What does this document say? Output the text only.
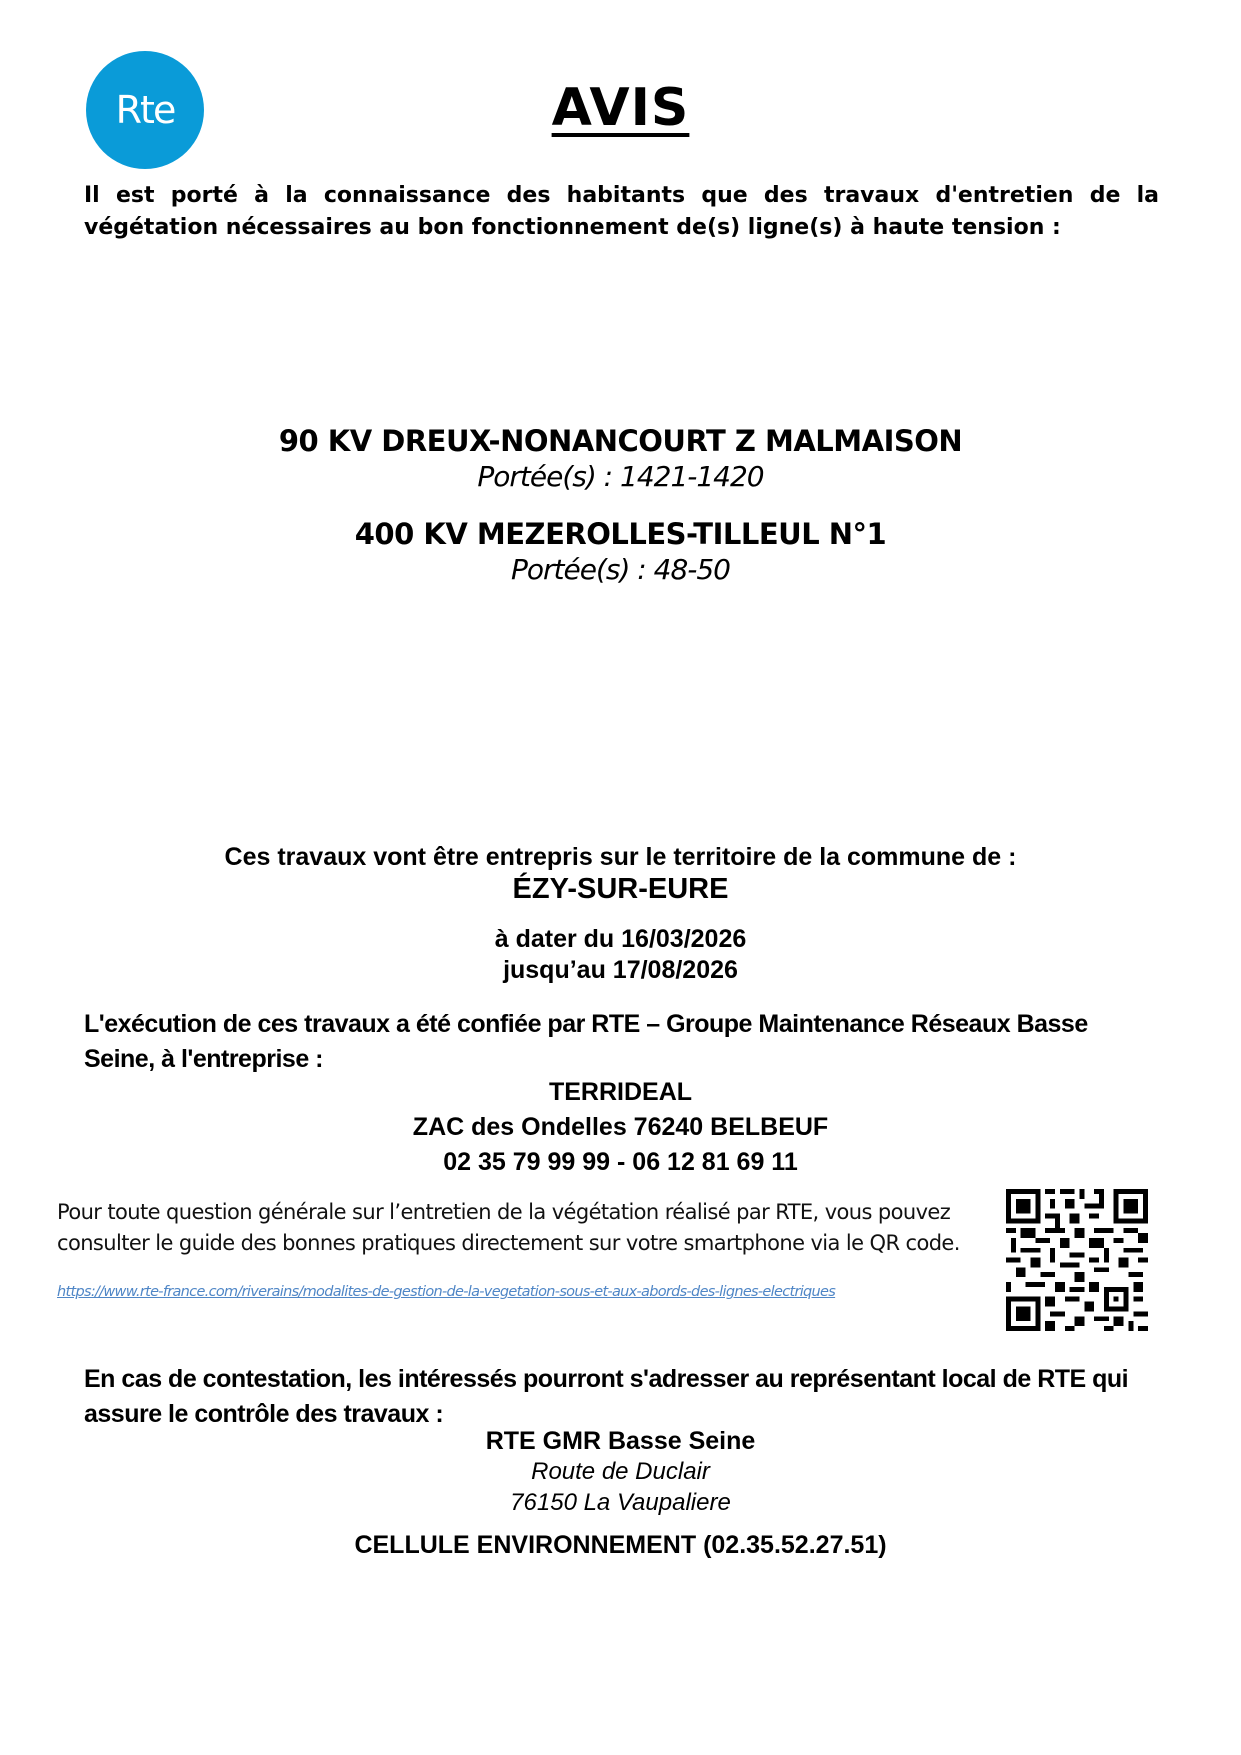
Rte	AVIS
Il est porté à la connaissance des habitants que des travaux d'entretien de la végétation nécessaires au bon fonctionnement de(s) ligne(s) à haute tension :
90 KV DREUX-NONANCOURT Z MALMAISON
Portée(s) : 1421-1420
400 KV MEZEROLLES-TILLEUL N°1
Portée(s) : 48-50
Ces travaux vont être entrepris sur le territoire de la commune de :
ÉZY-SUR-EURE
à dater du 16/03/2026
jusqu’au 17/08/2026
L'exécution de ces travaux a été confiée par RTE – Groupe Maintenance Réseaux Basse Seine, à l'entreprise :
TERRIDEAL
ZAC des Ondelles 76240 BELBEUF
02 35 79 99 99 - 06 12 81 69 11
Pour toute question générale sur l’entretien de la végétation réalisé par RTE, vous pouvez
consulter le guide des bonnes pratiques directement sur votre smartphone via le QR code.
https://www.rte-france.com/riverains/modalites-de-gestion-de-la-vegetation-sous-et-aux-abords-des-lignes-electriques
En cas de contestation, les intéressés pourront s'adresser au représentant local de RTE qui assure le contrôle des travaux :
RTE GMR Basse Seine
Route de Duclair
76150 La Vaupaliere
CELLULE ENVIRONNEMENT (02.35.52.27.51)
